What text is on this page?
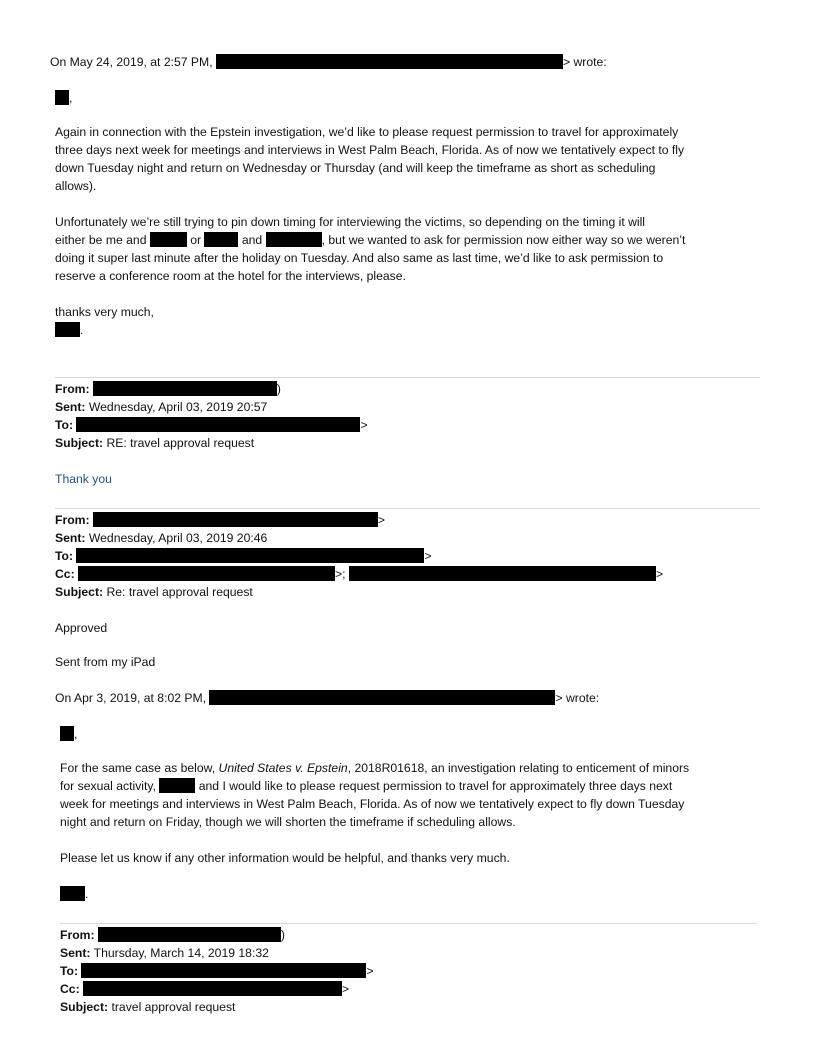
On May 24, 2019, at 2:57 PM,	> wrote:
,
Again in connection with the Epstein investigation, we’d like to please request permission to travel for approximately
three days next week for meetings and interviews in West Palm Beach, Florida. As of now we tentatively expect to fly
down Tuesday night and return on Wednesday or Thursday (and will keep the timeframe as short as scheduling
allows).
Unfortunately we’re still trying to pin down timing for interviewing the victims, so depending on the timing it will
either be me and	or	and	, but we wanted to ask for permission now either way so we weren’t
doing it super last minute after the holiday on Tuesday. And also same as last time, we’d like to ask permission to
reserve a conference room at the hotel for the interviews, please.
thanks very much,
.
From:	)
Sent: Wednesday, April 03, 2019 20:57
To:	>
Subject: RE: travel approval request
Thank you
From:	>
Sent: Wednesday, April 03, 2019 20:46
To:	>
Cc:	>;	>
Subject: Re: travel approval request
Approved
Sent from my iPad
On Apr 3, 2019, at 8:02 PM,	> wrote:
,
For the same case as below, United States v. Epstein, 2018R01618, an investigation relating to enticement of minors
for sexual activity,	and I would like to please request permission to travel for approximately three days next
week for meetings and interviews in West Palm Beach, Florida. As of now we tentatively expect to fly down Tuesday
night and return on Friday, though we will shorten the timeframe if scheduling allows.
Please let us know if any other information would be helpful, and thanks very much.
.
From:	)
Sent: Thursday, March 14, 2019 18:32
To:	>
Cc:	>
Subject: travel approval request
